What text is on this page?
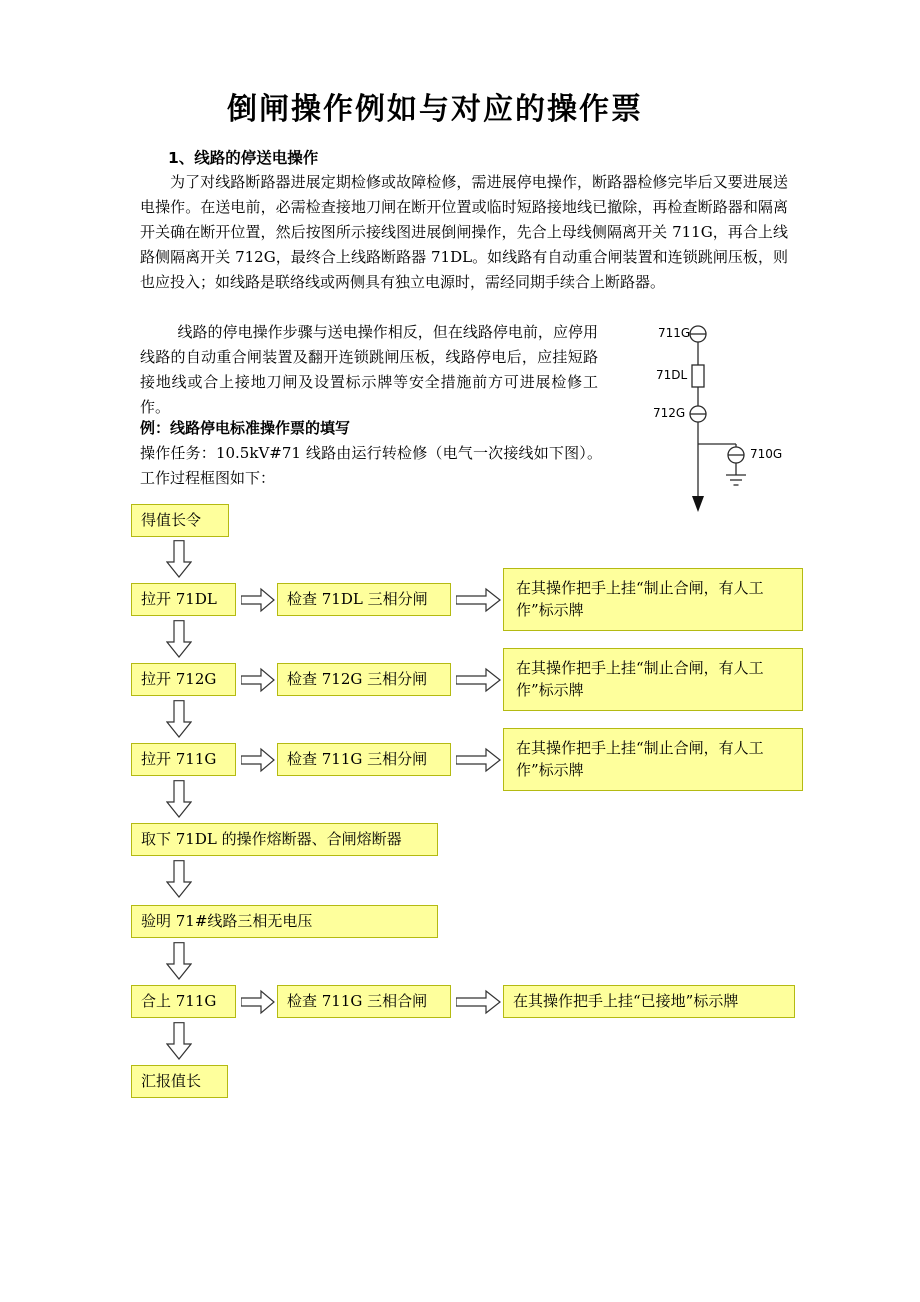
倒闸操作例如与对应的操作票
1、线路的停送电操作
为了对线路断路器进展定期检修或故障检修，需进展停电操作，断路器检修完毕后又要进展送电操作。在送电前，必需检查接地刀闸在断开位置或临时短路接地线已撤除，再检查断路器和隔离开关确在断开位置，然后按图所示接线图进展倒闸操作，先合上母线侧隔离开关 711G，再合上线路侧隔离开关 712G，最终合上线路断路器 71DL。如线路有自动重合闸装置和连锁跳闸压板，则也应投入；如线路是联络线或两侧具有独立电源时，需经同期手续合上断路器。
线路的停电操作步骤与送电操作相反，但在线路停电前，应停用线路的自动重合闸装置及翻开连锁跳闸压板，线路停电后，应挂短路接地线或合上接地刀闸及设置标示牌等安全措施前方可进展检修工作。
例：线路停电标准操作票的填写
操作任务：10.5kV#71 线路由运行转检修（电气一次接线如下图）。工作过程框图如下：
711G
71DL
712G
710G
得值长令
拉开 71DL	检查 71DL 三相分闸
在其操作把手上挂“制止合闸，有人工作”标示牌
拉开 712G	检查 712G 三相分闸
在其操作把手上挂“制止合闸，有人工作”标示牌
拉开 711G	检查 711G 三相分闸
在其操作把手上挂“制止合闸，有人工作”标示牌
取下 71DL 的操作熔断器、合闸熔断器
验明 71#线路三相无电压
合上 711G	检查 711G 三相合闸	在其操作把手上挂“已接地”标示牌
汇报值长
